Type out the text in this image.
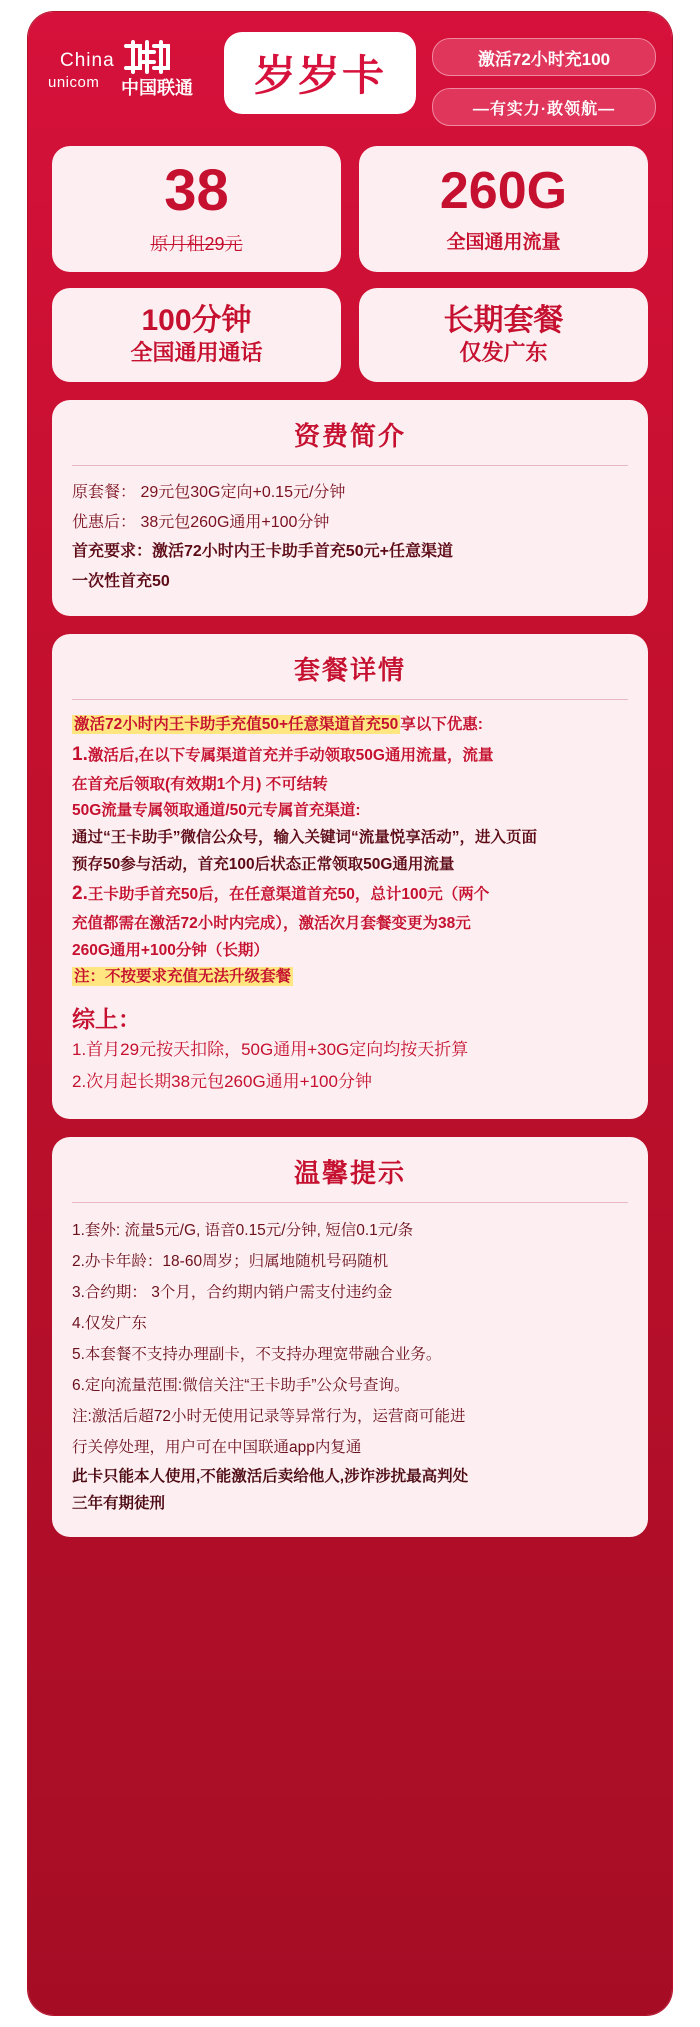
China
unicom 中国联通 岁岁卡	激活72小时充100
—有实力·敢领航—
38
原月租29元
260G
全国通用流量
100分钟
全国通用通话
长期套餐
仅发广东
资费简介
原套餐： 29元包30G定向+0.15元/分钟
优惠后： 38元包260G通用+100分钟
首充要求：激活72小时内王卡助手首充50元+任意渠道
一次性首充50
套餐详情
激活72小时内王卡助手充值50+任意渠道首充50 享以下优惠:
1.激活后,在以下专属渠道首充并手动领取50G通用流量，流量
在首充后领取(有效期1个月) 不可结转
50G流量专属领取通道/50元专属首充渠道:
通过“王卡助手”微信公众号，输入关键词“流量悦享活动”，进入页面
预存50参与活动，首充100后状态正常领取50G通用流量
2.王卡助手首充50后，在任意渠道首充50，总计100元（两个
充值都需在激活72小时内完成），激活次月套餐变更为38元
260G通用+100分钟（长期）
注：不按要求充值无法升级套餐
综上：
1.首月29元按天扣除，50G通用+30G定向均按天折算
2.次月起长期38元包260G通用+100分钟
温馨提示
1.套外: 流量5元/G, 语音0.15元/分钟, 短信0.1元/条
2.办卡年龄：18-60周岁；归属地随机号码随机
3.合约期： 3个月，合约期内销户需支付违约金
4.仅发广东
5.本套餐不支持办理副卡，不支持办理宽带融合业务。
6.定向流量范围:微信关注“王卡助手”公众号查询。
注:激活后超72小时无使用记录等异常行为，运营商可能进
行关停处理，用户可在中国联通app内复通
此卡只能本人使用,不能激活后卖给他人,涉诈涉扰最高判处
三年有期徒刑
